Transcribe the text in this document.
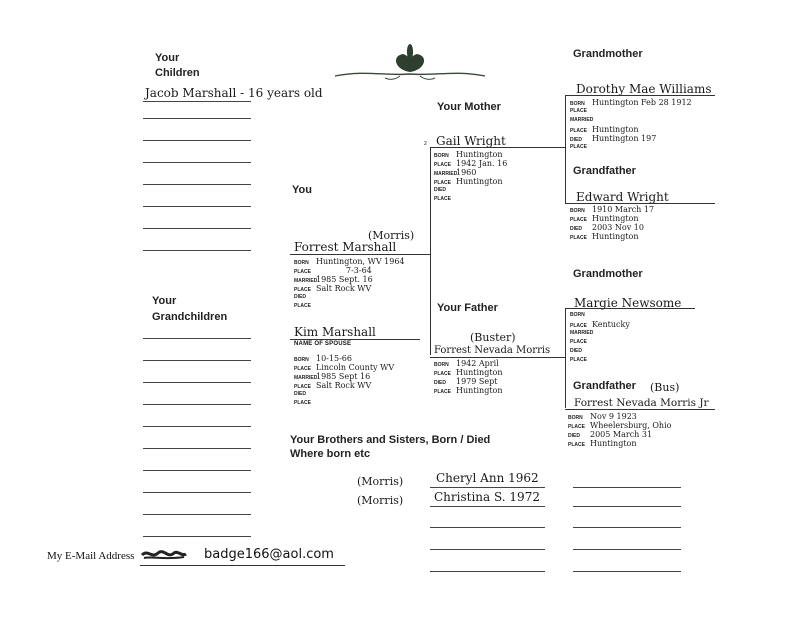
Your
Children
Your
Grandchildren
You
Your Mother
Your Father
Grandmother
Grandfather
Grandmother
Grandfather
Your Brothers and Sisters, Born / Died
Where born etc
Jacob Marshall - 16 years old
(Morris)
Forrest Marshall
BORN Huntington, WV 1964
PLACE	7-3-64
MARRIED
1985 Sept. 16
PLACE Salt Rock WV
DIED
PLACE
Kim Marshall
NAME OF SPOUSE
BORN 10-15-66
PLACE Lincoln County WV
MARRIED
1985 Sept 16
PLACE Salt Rock WV
DIED
PLACE
2 Gail Wright
BORN Huntington
PLACE 1942 Jan. 16
MARRIED
1960
PLACE Huntington
DIED
PLACE
(Buster)
Forrest Nevada Morris
BORN 1942 April
PLACE Huntington
DIED	1979 Sept
PLACE Huntington
Dorothy Mae Williams
BORN Huntington Feb 28 1912
PLACE
MARRIED
PLACE Huntington
DIED	Huntington 197
PLACE
Edward Wright
BORN 1910 March 17
PLACE Huntington
DIED	2003 Nov 10
PLACE Huntington
Margie Newsome
BORN
PLACE Kentucky
MARRIED
PLACE
DIED
PLACE
(Bus)
Forrest Nevada Morris Jr
BORN Nov 9 1923
PLACE Wheelersburg, Ohio
DIED	2005 March 31
PLACE Huntington
(Morris)	Cheryl Ann 1962
(Morris)	Christina S. 1972
My E-Mail Address	badge166@aol.com
